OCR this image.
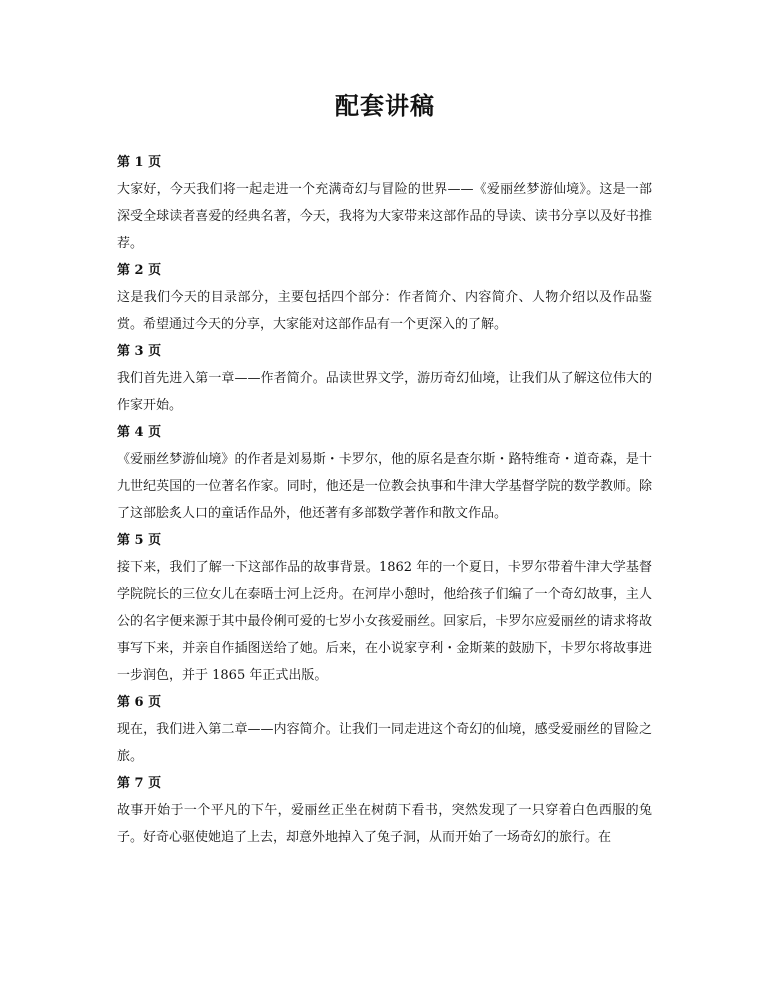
配套讲稿

第 1 页

大家好，今天我们将一起走进一个充满奇幻与冒险的世界——《爱丽丝梦游仙境》。这是一部深受全球读者喜爱的经典名著，今天，我将为大家带来这部作品的导读、读书分享以及好书推荐。

第 2 页

这是我们今天的目录部分，主要包括四个部分：作者简介、内容简介、人物介绍以及作品鉴赏。希望通过今天的分享，大家能对这部作品有一个更深入的了解。

第 3 页

我们首先进入第一章——作者简介。品读世界文学，游历奇幻仙境，让我们从了解这位伟大的作家开始。

第 4 页

《爱丽丝梦游仙境》的作者是刘易斯・卡罗尔，他的原名是查尔斯・路特维奇・道奇森，是十九世纪英国的一位著名作家。同时，他还是一位教会执事和牛津大学基督学院的数学教师。除了这部脍炙人口的童话作品外，他还著有多部数学著作和散文作品。

第 5 页

接下来，我们了解一下这部作品的故事背景。1862 年的一个夏日，卡罗尔带着牛津大学基督学院院长的三位女儿在泰晤士河上泛舟。在河岸小憩时，他给孩子们编了一个奇幻故事，主人公的名字便来源于其中最伶俐可爱的七岁小女孩爱丽丝。回家后，卡罗尔应爱丽丝的请求将故事写下来，并亲自作插图送给了她。后来，在小说家亨利・金斯莱的鼓励下，卡罗尔将故事进一步润色，并于 1865 年正式出版。

第 6 页

现在，我们进入第二章——内容简介。让我们一同走进这个奇幻的仙境，感受爱丽丝的冒险之旅。

第 7 页

故事开始于一个平凡的下午，爱丽丝正坐在树荫下看书，突然发现了一只穿着白色西服的兔子。好奇心驱使她追了上去，却意外地掉入了兔子洞，从而开始了一场奇幻的旅行。在
